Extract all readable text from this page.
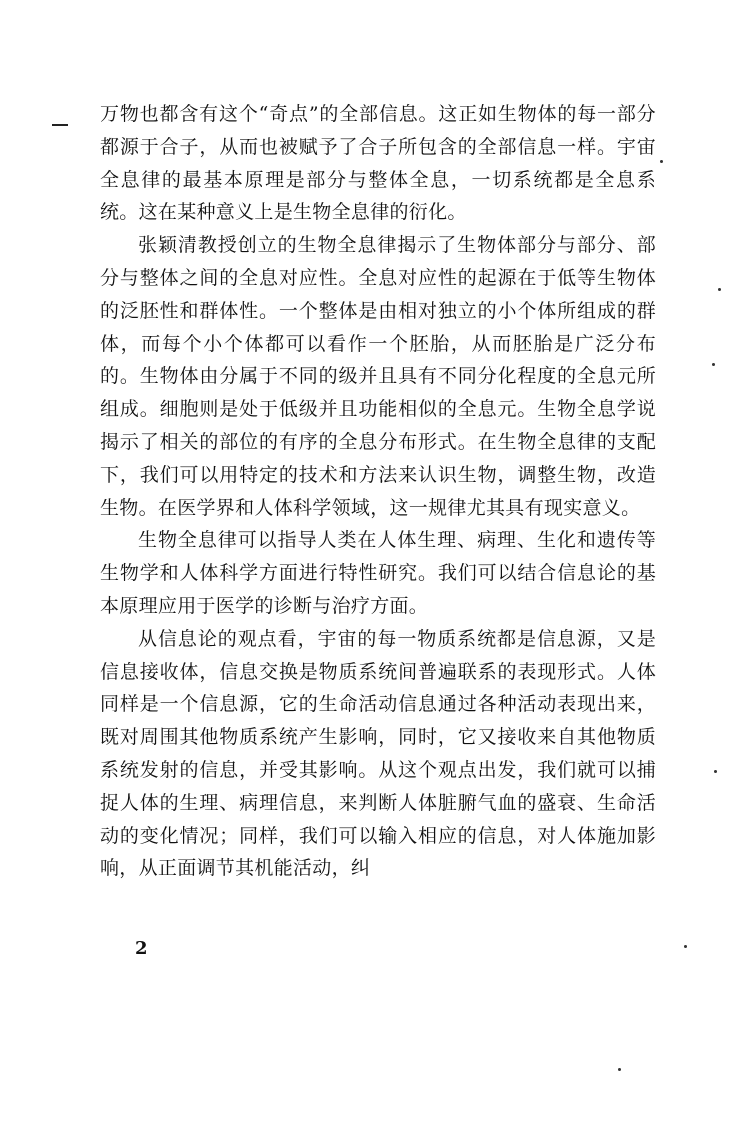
万物也都含有这个“奇点”的全部信息。这正如生物体的每一部分都源于合子，从而也被赋予了合子所包含的全部信息一样。宇宙全息律的最基本原理是部分与整体全息，一切系统都是全息系统。这在某种意义上是生物全息律的衍化。

张颖清教授创立的生物全息律揭示了生物体部分与部分、部分与整体之间的全息对应性。全息对应性的起源在于低等生物体的泛胚性和群体性。一个整体是由相对独立的小个体所组成的群体，而每个小个体都可以看作一个胚胎，从而胚胎是广泛分布的。生物体由分属于不同的级并且具有不同分化程度的全息元所组成。细胞则是处于低级并且功能相似的全息元。生物全息学说揭示了相关的部位的有序的全息分布形式。在生物全息律的支配下，我们可以用特定的技术和方法来认识生物，调整生物，改造生物。在医学界和人体科学领域，这一规律尤其具有现实意义。

生物全息律可以指导人类在人体生理、病理、生化和遗传等生物学和人体科学方面进行特性研究。我们可以结合信息论的基本原理应用于医学的诊断与治疗方面。

从信息论的观点看，宇宙的每一物质系统都是信息源，又是信息接收体，信息交换是物质系统间普遍联系的表现形式。人体同样是一个信息源，它的生命活动信息通过各种活动表现出来，既对周围其他物质系统产生影响，同时，它又接收来自其他物质系统发射的信息，并受其影响。从这个观点出发，我们就可以捕捉人体的生理、病理信息，来判断人体脏腑气血的盛衰、生命活动的变化情况；同样，我们可以输入相应的信息，对人体施加影响，从正面调节其机能活动，纠

2
